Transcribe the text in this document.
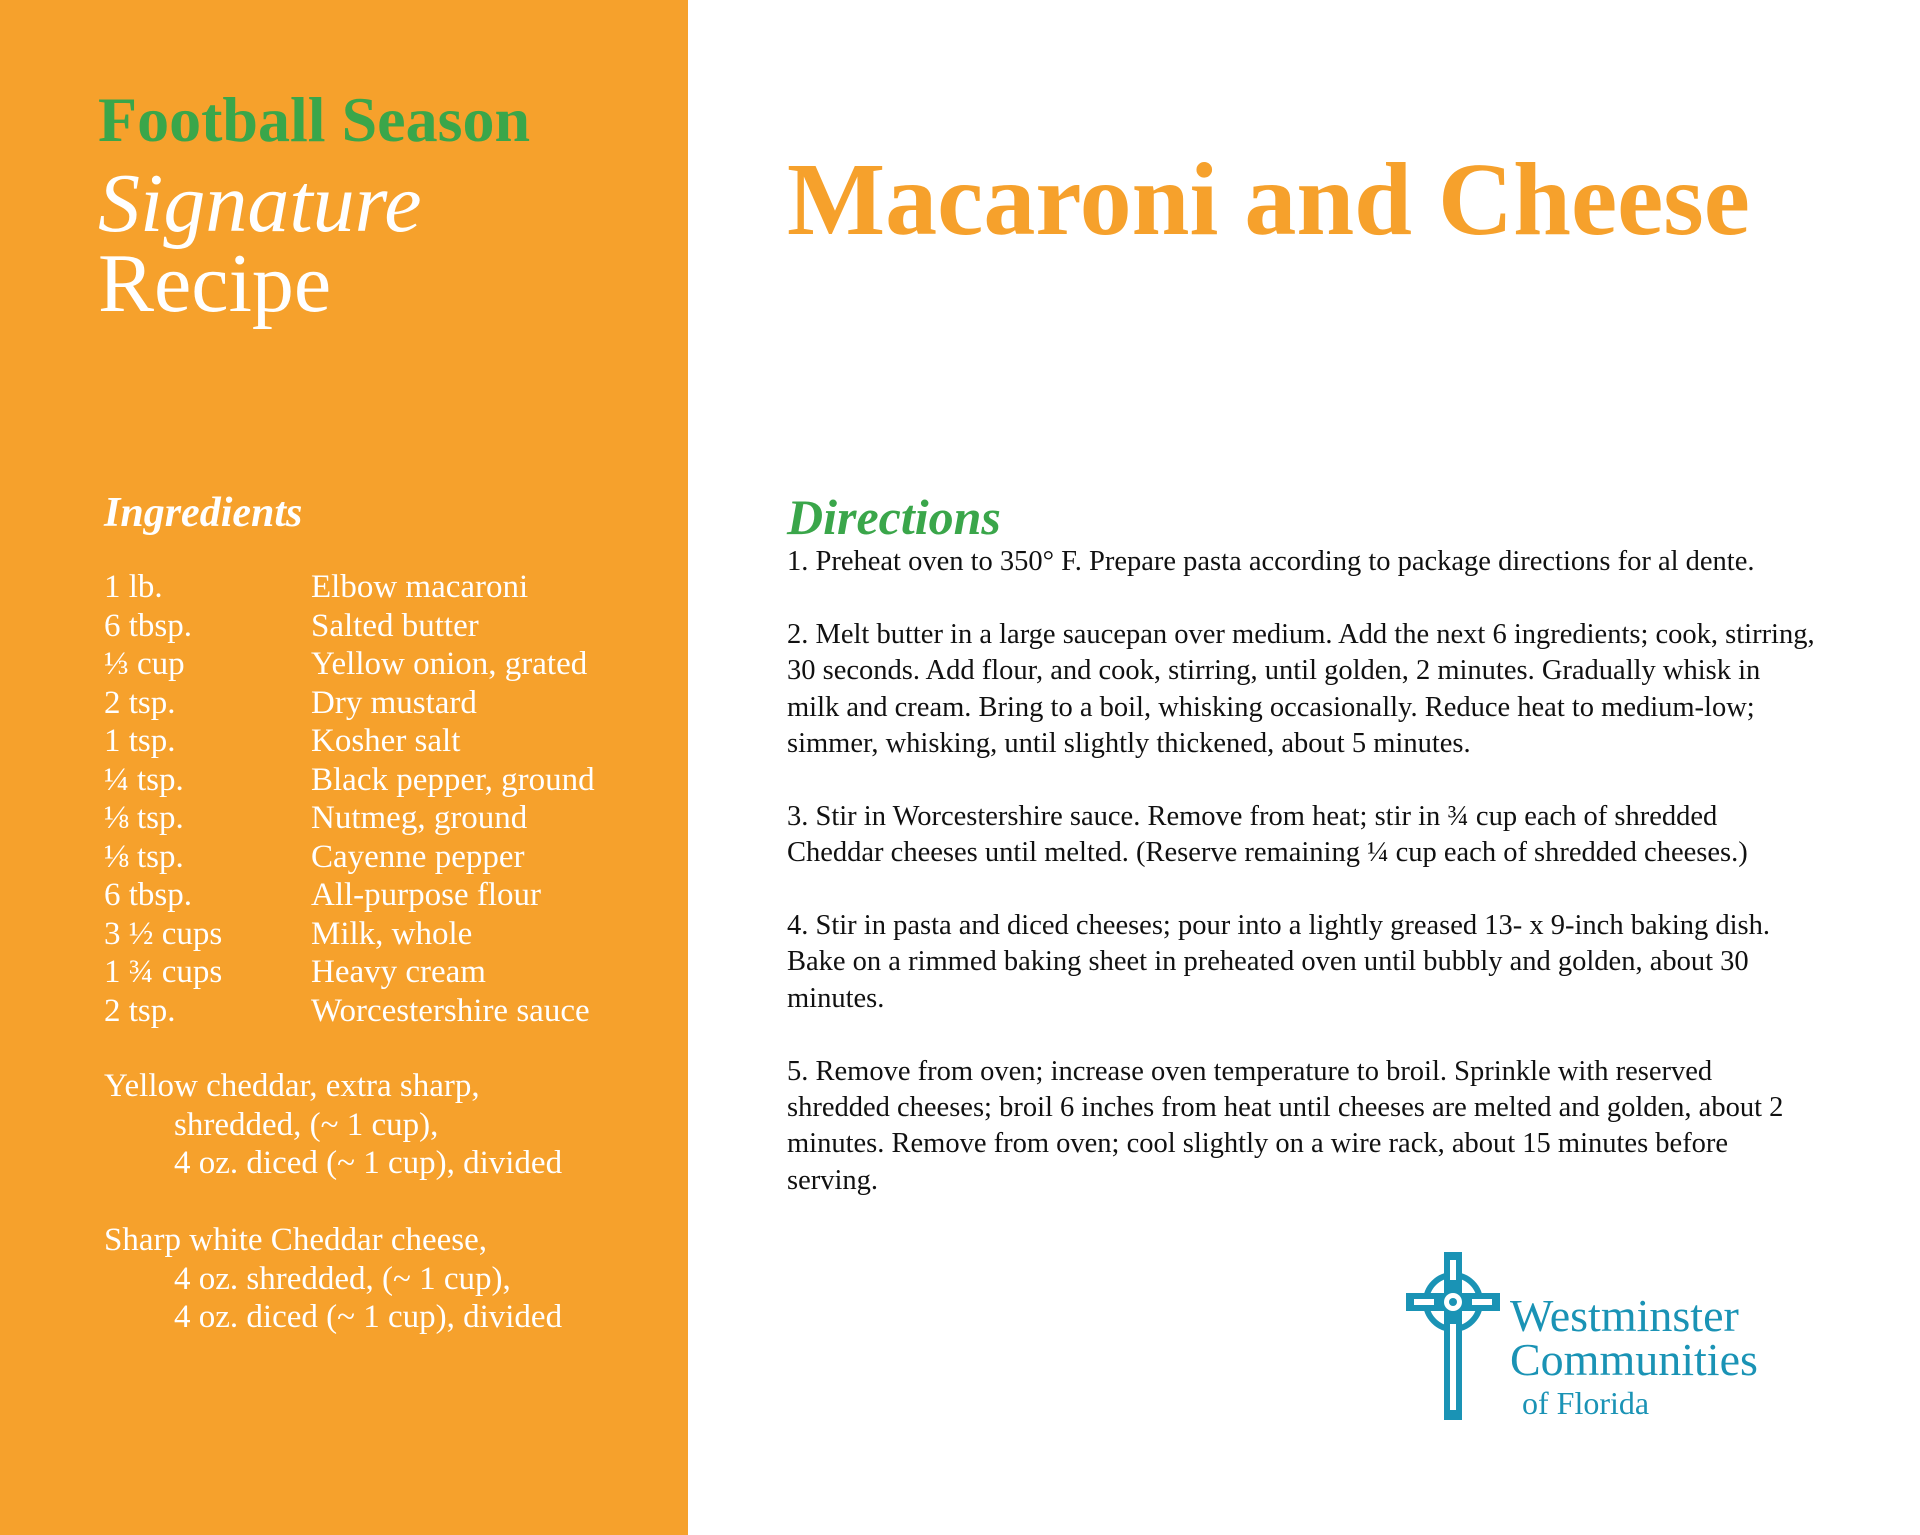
Football Season
Signature
Recipe
Ingredients
1 lb.	Elbow macaroni
6 tbsp.	Salted butter
⅓ cup	Yellow onion, grated
2 tsp.	Dry mustard
1 tsp.	Kosher salt
¼ tsp.	Black pepper, ground
⅛ tsp.	Nutmeg, ground
⅛ tsp.	Cayenne pepper
6 tbsp.	All-purpose flour
3 ½ cups	Milk, whole
1 ¾ cups	Heavy cream
2 tsp.	Worcestershire sauce
Yellow cheddar, extra sharp,
shredded, (~ 1 cup),
4 oz. diced (~ 1 cup), divided
Sharp white Cheddar cheese,
4 oz. shredded, (~ 1 cup),
4 oz. diced (~ 1 cup), divided
Macaroni and Cheese
Directions

1. Preheat oven to 350° F. Prepare pasta according to package directions for al dente.

2. Melt butter in a large saucepan over medium. Add the next 6 ingredients; cook, stirring, 30 seconds. Add flour, and cook, stirring, until golden, 2 minutes. Gradually whisk in milk and cream. Bring to a boil, whisking occasionally. Reduce heat to medium-low; simmer, whisking, until slightly thickened, about 5 minutes.

3. Stir in Worcestershire sauce. Remove from heat; stir in ¾ cup each of shredded Cheddar cheeses until melted. (Reserve remaining ¼ cup each of shredded cheeses.)

4. Stir in pasta and diced cheeses; pour into a lightly greased 13- x 9-inch baking dish. Bake on a rimmed baking sheet in preheated oven until bubbly and golden, about 30 minutes.

5. Remove from oven; increase oven temperature to broil. Sprinkle with reserved shredded cheeses; broil 6 inches from heat until cheeses are melted and golden, about 2 minutes. Remove from oven; cool slightly on a wire rack, about 15 minutes before serving.

Westminster
Communities
of Florida
